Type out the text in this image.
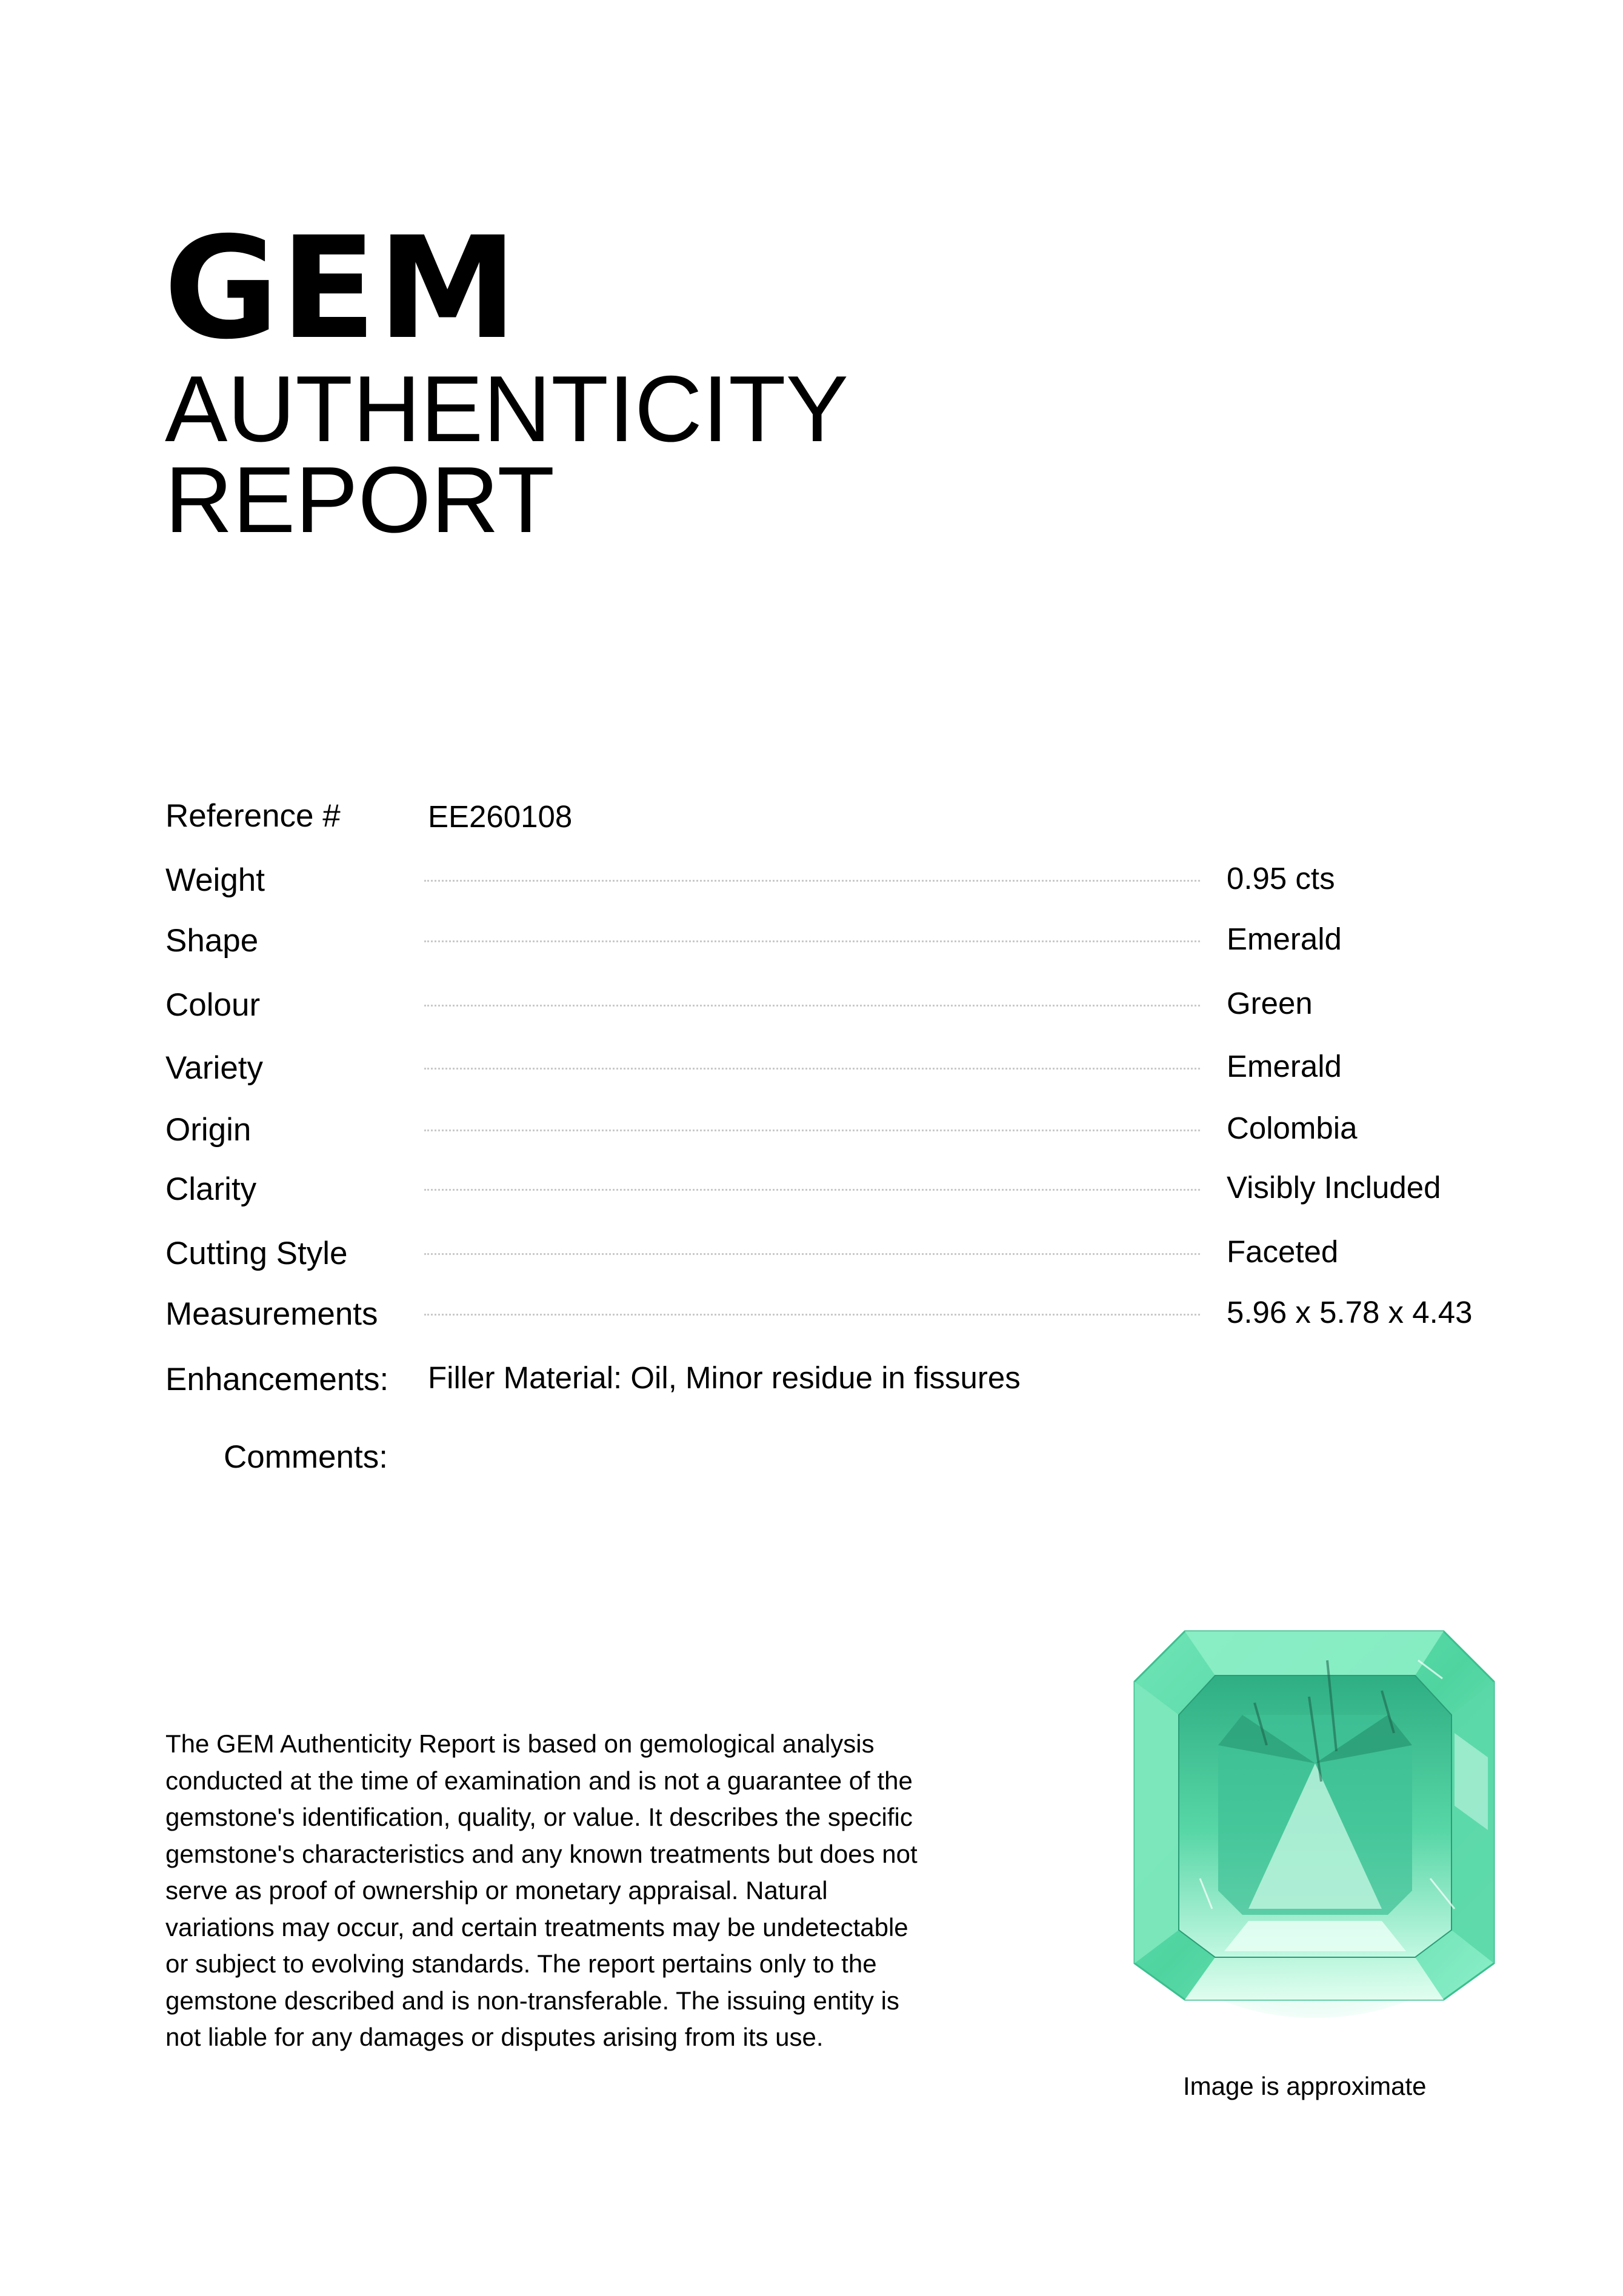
GEM
AUTHENTICITY
REPORT
Reference #	EE260108
Weight	0.95 cts
Shape	Emerald
Colour	Green
Variety	Emerald
Origin	Colombia
Clarity	Visibly Included
Cutting Style	Faceted
Measurements	5.96 x 5.78 x 4.43
Enhancements: Filler Material: Oil, Minor residue in fissures
Comments:

The GEM Authenticity Report is based on gemological analysis
conducted at the time of examination and is not a guarantee of the
gemstone's identification, quality, or value. It describes the specific
gemstone's characteristics and any known treatments but does not
serve as proof of ownership or monetary appraisal. Natural
variations may occur, and certain treatments may be undetectable
or subject to evolving standards. The report pertains only to the
gemstone described and is non-transferable. The issuing entity is
not liable for any damages or disputes arising from its use.

Image is approximate
